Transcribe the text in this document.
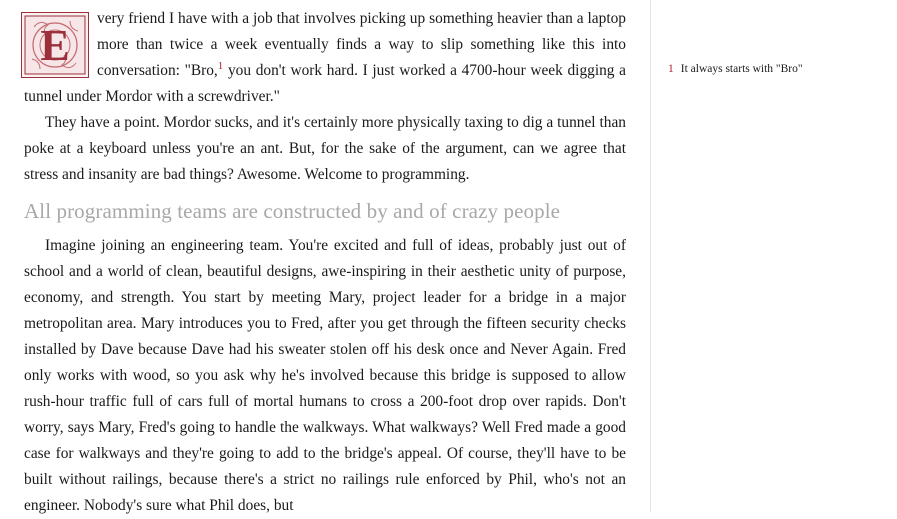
E
very friend I have with a job that involves picking up something heavier than a laptop more than twice a week eventually finds a way to slip something like this into conversation: "Bro,$^1$ you don't work hard. I just worked a 4700-hour week digging a tunnel under Mordor with a screwdriver."

They have a point. Mordor sucks, and it's certainly more physically taxing to dig a tunnel than poke at a keyboard unless you're an ant. But, for the sake of the argument, can we agree that stress and insanity are bad things? Awesome. Welcome to programming.

All programming teams are constructed by and of crazy people

Imagine joining an engineering team. You're excited and full of ideas, probably just out of school and a world of clean, beautiful designs, awe-inspiring in their aesthetic unity of purpose, economy, and strength. You start by meeting Mary, project leader for a bridge in a major metropolitan area. Mary introduces you to Fred, after you get through the fifteen security checks installed by Dave because Dave had his sweater stolen off his desk once and Never Again. Fred only works with wood, so you ask why he's involved because this bridge is supposed to allow rush-hour traffic full of cars full of mortal humans to cross a 200-foot drop over rapids. Don't worry, says Mary, Fred's going to handle the walkways. What walkways? Well Fred made a good case for walkways and they're going to add to the bridge's appeal. Of course, they'll have to be built without railings, because there's a strict no railings rule enforced by Phil, who's not an engineer. Nobody's sure what Phil does, but

1 It always starts with "Bro"
